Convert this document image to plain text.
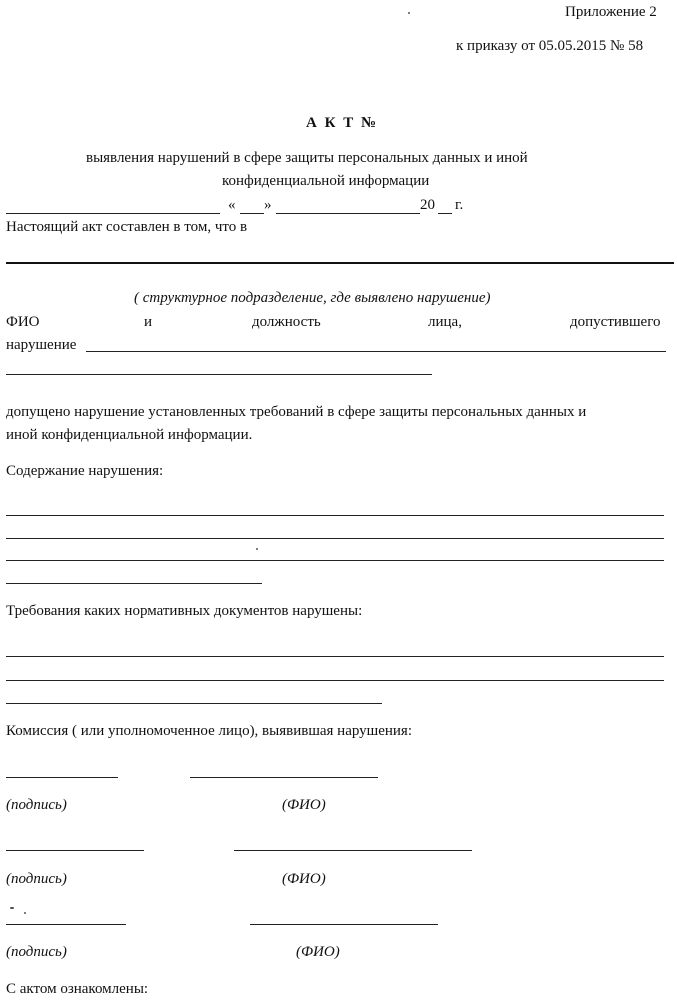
Приложение 2
к приказу от 05.05.2015 № 58
А К Т №
выявления нарушений в сфере защиты персональных данных и иной
конфиденциальной информации
« »	20 г.
Настоящий акт составлен в том, что в
( структурное подразделение, где выявлено нарушение)
ФИО	и	должность	лица,	допустившего
нарушение
допущено нарушение установленных требований в сфере защиты персональных данных и
иной конфиденциальной информации.
Содержание нарушения:
Требования каких нормативных документов нарушены:
Комиссия ( или уполномоченное лицо), выявившая нарушения:
(подпись)	(ФИО)
(подпись)	(ФИО)
(подпись)	(ФИО)
С актом ознакомлены:
